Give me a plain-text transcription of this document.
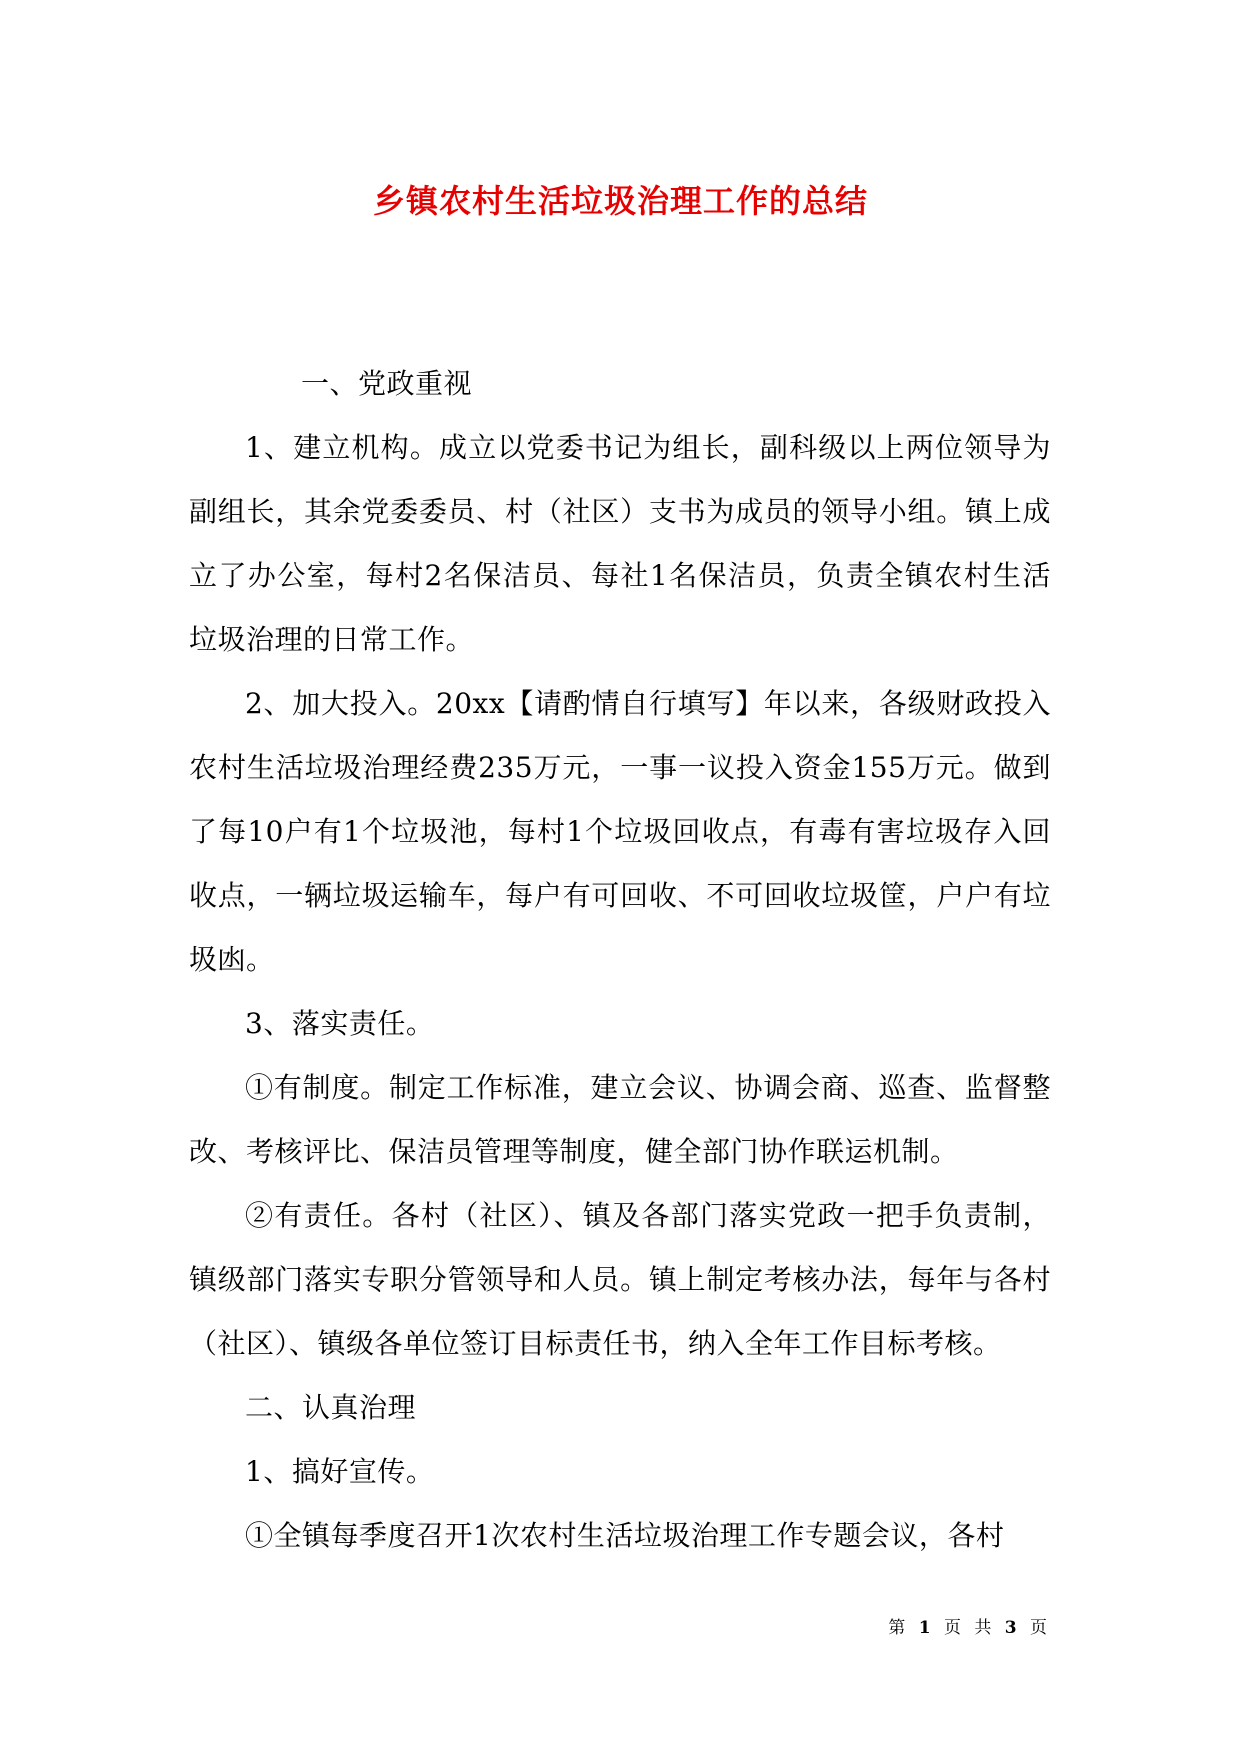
乡镇农村生活垃圾治理工作的总结

一、党政重视

1、建立机构。成立以党委书记为组长，副科级以上两位领导为副组长，其余党委委员、村（社区）支书为成员的领导小组。镇上成立了办公室，每村2名保洁员、每社1名保洁员，负责全镇农村生活垃圾治理的日常工作。

2、加大投入。20xx【请酌情自行填写】年以来，各级财政投入农村生活垃圾治理经费235万元，一事一议投入资金155万元。做到了每10户有1个垃圾池，每村1个垃圾回收点，有毒有害垃圾存入回收点，一辆垃圾运输车，每户有可回收、不可回收垃圾筐，户户有垃圾凼。

3、落实责任。

①有制度。制定工作标准，建立会议、协调会商、巡查、监督整改、考核评比、保洁员管理等制度，健全部门协作联运机制。

②有责任。各村（社区）、镇及各部门落实党政一把手负责制，镇级部门落实专职分管领导和人员。镇上制定考核办法，每年与各村（社区）、镇级各单位签订目标责任书，纳入全年工作目标考核。

二、认真治理

1、搞好宣传。

①全镇每季度召开1次农村生活垃圾治理工作专题会议，各村

第 1 页 共 3 页
